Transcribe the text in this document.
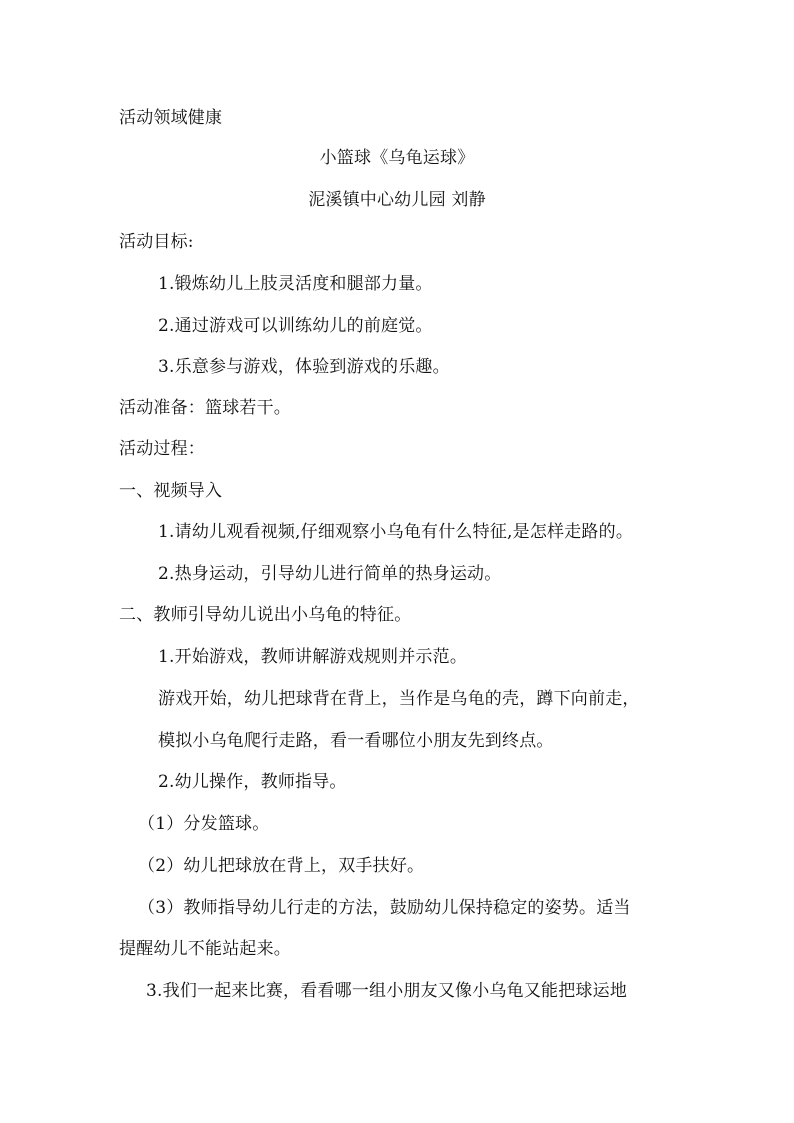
活动领域健康
小篮球《乌龟运球》
泥溪镇中心幼儿园 刘静
活动目标:
1.锻炼幼儿上肢灵活度和腿部力量。
2.通过游戏可以训练幼儿的前庭觉。
3.乐意参与游戏，体验到游戏的乐趣。
活动准备：篮球若干。
活动过程：
一、视频导入
1.请幼儿观看视频,仔细观察小乌龟有什么特征,是怎样走路的。
2.热身运动，引导幼儿进行简单的热身运动。
二、教师引导幼儿说出小乌龟的特征。
1.开始游戏，教师讲解游戏规则并示范。
游戏开始，幼儿把球背在背上，当作是乌龟的壳，蹲下向前走，
模拟小乌龟爬行走路，看一看哪位小朋友先到终点。
2.幼儿操作，教师指导。
（1）分发篮球。
（2）幼儿把球放在背上，双手扶好。
（3）教师指导幼儿行走的方法，鼓励幼儿保持稳定的姿势。适当
提醒幼儿不能站起来。
3.我们一起来比赛，看看哪一组小朋友又像小乌龟又能把球运地
